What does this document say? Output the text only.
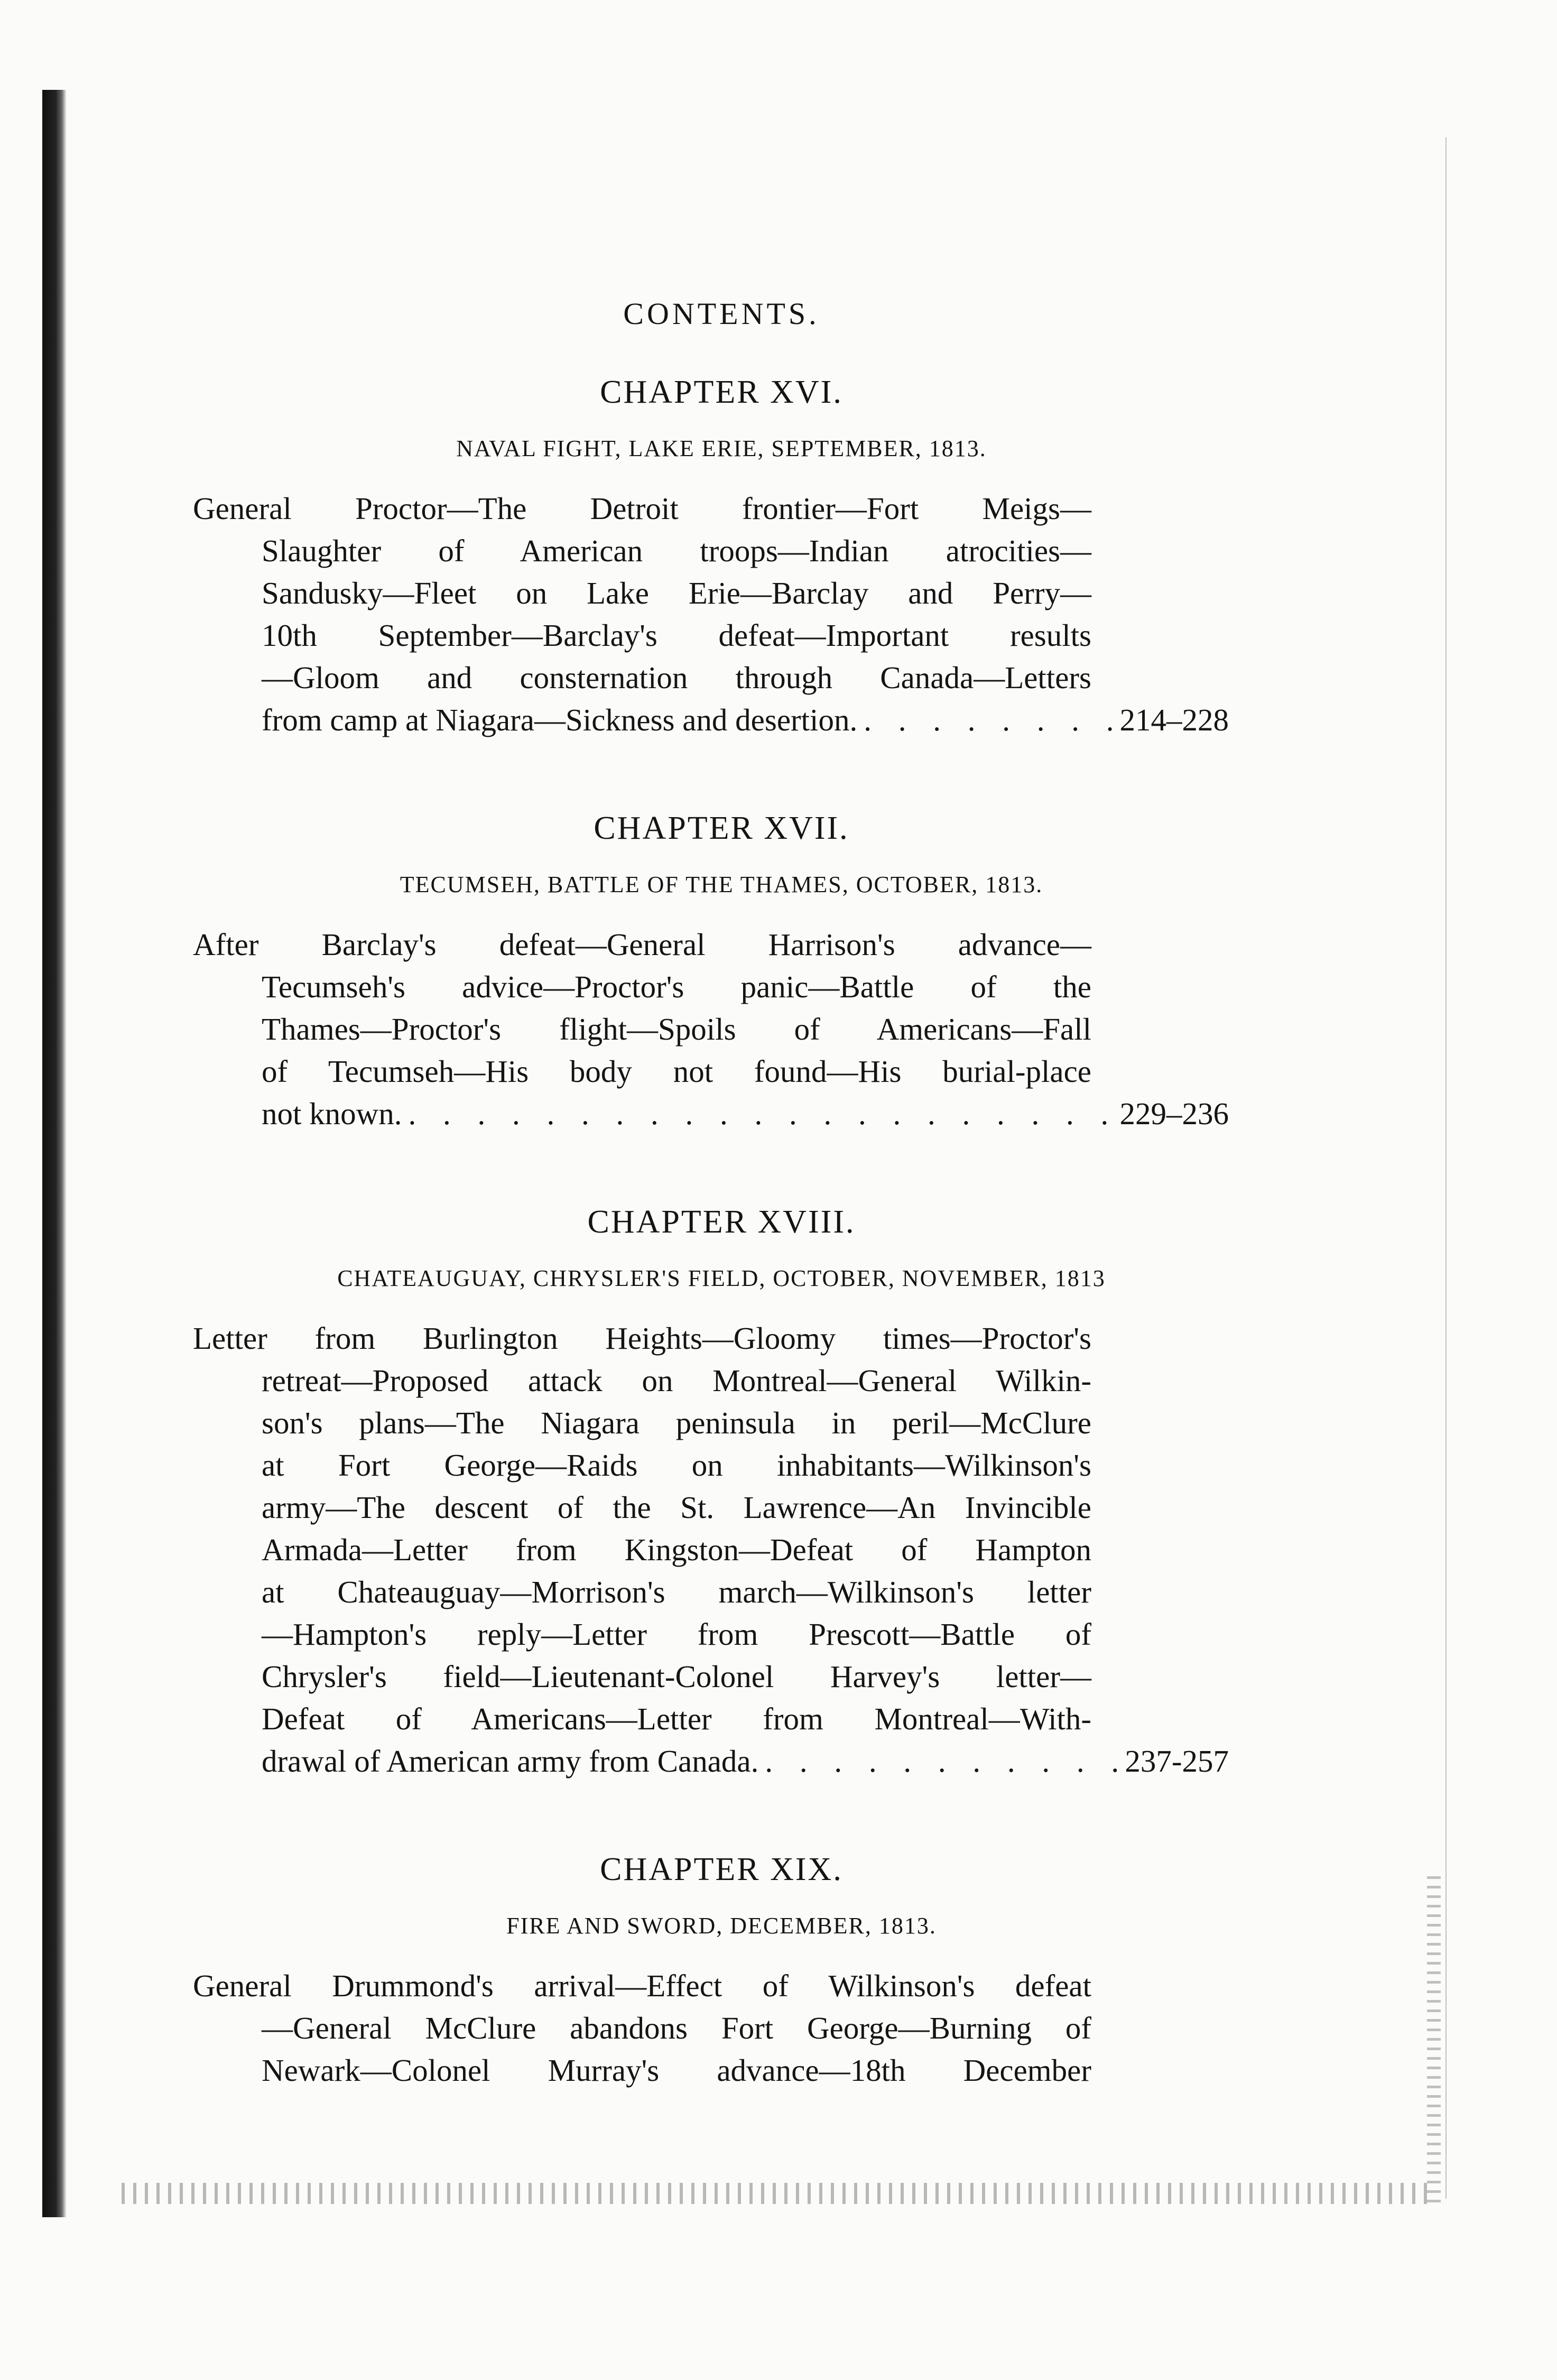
CONTENTS.
CHAPTER XVI.
NAVAL FIGHT, LAKE ERIE, SEPTEMBER, 1813.
General Proctor—The Detroit frontier—Fort Meigs—
Slaughter of American troops—Indian atrocities—
Sandusky—Fleet on Lake Erie—Barclay and Perry—
10th September—Barclay's defeat—Important results
—Gloom and consternation through Canada—Letters
from camp at Niagara—Sickness and desertion. . . .	214–228
CHAPTER XVII.
TECUMSEH, BATTLE OF THE THAMES, OCTOBER, 1813.
After Barclay's defeat—General Harrison's advance—
Tecumseh's advice—Proctor's panic—Battle of the
Thames—Proctor's flight—Spoils of Americans—Fall
of Tecumseh—His body not found—His burial-place
not known. . . .	229–236
CHAPTER XVIII.
CHATEAUGUAY, CHRYSLER'S FIELD, OCTOBER, NOVEMBER, 1813
Letter from Burlington Heights—Gloomy times—Proctor's
retreat—Proposed attack on Montreal—General Wilkin-
son's plans—The Niagara peninsula in peril—McClure
at Fort George—Raids on inhabitants—Wilkinson's
army—The descent of the St. Lawrence—An Invincible
Armada—Letter from Kingston—Defeat of Hampton
at Chateauguay—Morrison's march—Wilkinson's letter
—Hampton's reply—Letter from Prescott—Battle of
Chrysler's field—Lieutenant-Colonel Harvey's letter—
Defeat of Americans—Letter from Montreal—With-
drawal of American army from Canada. . . .	237-257
CHAPTER XIX.
FIRE AND SWORD, DECEMBER, 1813.
General Drummond's arrival—Effect of Wilkinson's defeat
—General McClure abandons Fort George—Burning of
Newark—Colonel Murray's advance—18th December
